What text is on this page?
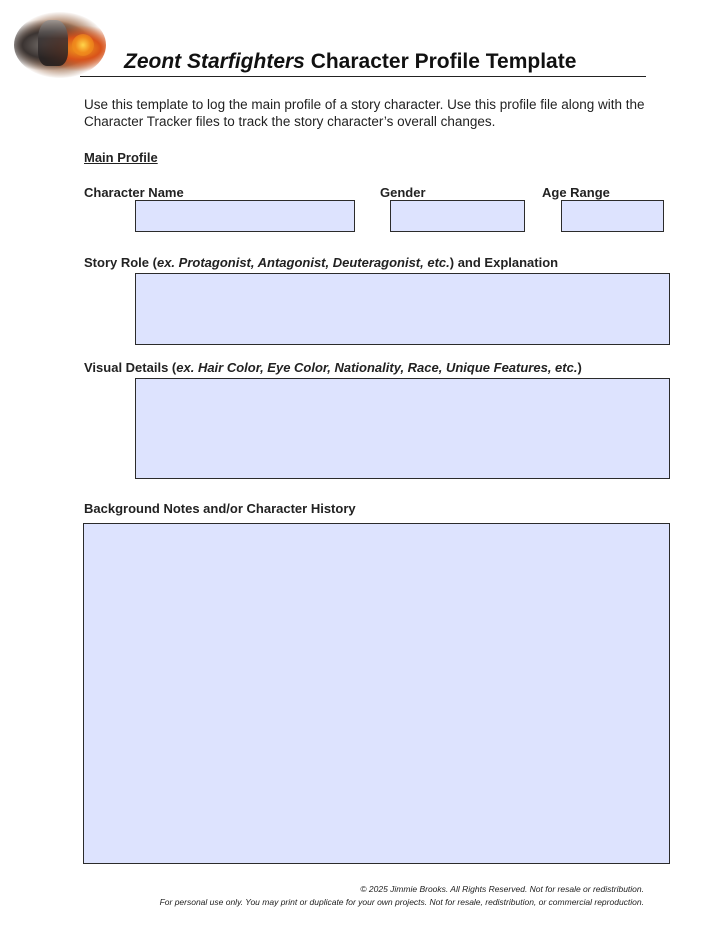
Zeont Starfighters Character Profile Template
Use this template to log the main profile of a story character. Use this profile file along with the Character Tracker files to track the story character’s overall changes.
Main Profile
Character Name	Gender	Age Range
Story Role (ex. Protagonist, Antagonist, Deuteragonist, etc.) and Explanation
Visual Details (ex. Hair Color, Eye Color, Nationality, Race, Unique Features, etc.)
Background Notes and/or Character History
© 2025 Jimmie Brooks. All Rights Reserved. Not for resale or redistribution.
For personal use only. You may print or duplicate for your own projects. Not for resale, redistribution, or commercial reproduction.
